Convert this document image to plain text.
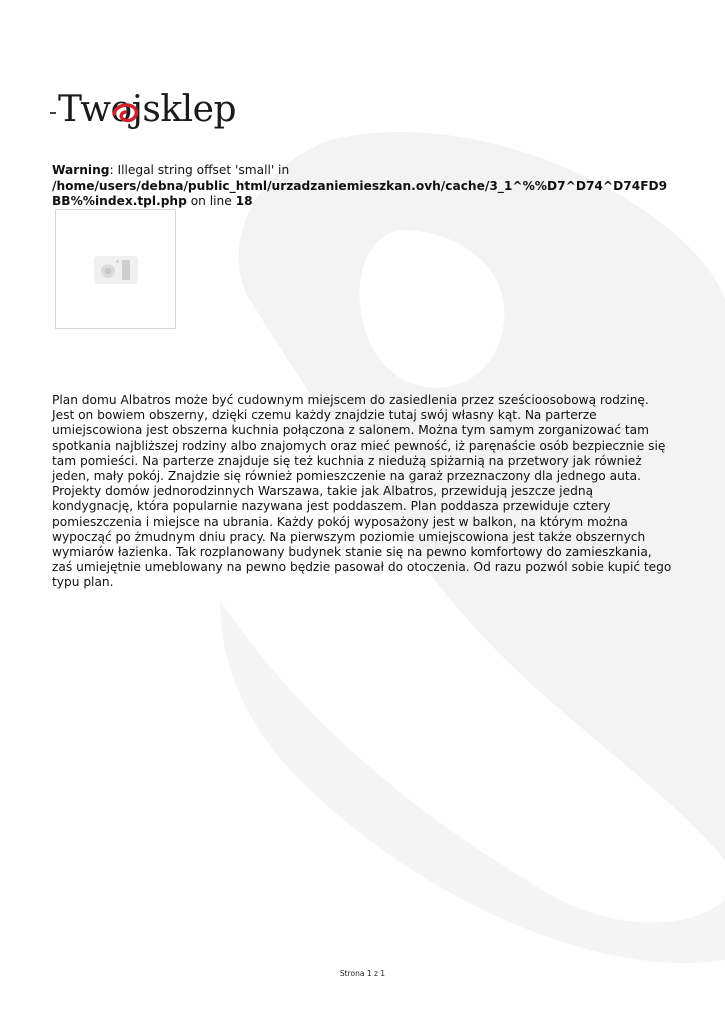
Twojsklep
Warning: Illegal string offset 'small' in
/home/users/debna/public_html/urzadzaniemieszkan.ovh/cache/3_1^%%D7^D74^D74FD9
BB%%index.tpl.php on line 18
Plan domu Albatros może być cudownym miejscem do zasiedlenia przez sześcioosobową rodzinę.
Jest on bowiem obszerny, dzięki czemu każdy znajdzie tutaj swój własny kąt. Na parterze
umiejscowiona jest obszerna kuchnia połączona z salonem. Można tym samym zorganizować tam
spotkania najbliższej rodziny albo znajomych oraz mieć pewność, iż paręnaście osób bezpiecznie się
tam pomieści. Na parterze znajduje się też kuchnia z niedużą spiżarnią na przetwory jak również
jeden, mały pokój. Znajdzie się również pomieszczenie na garaż przeznaczony dla jednego auta.
Projekty domów jednorodzinnych Warszawa, takie jak Albatros, przewidują jeszcze jedną
kondygnację, która popularnie nazywana jest poddaszem. Plan poddasza przewiduje cztery
pomieszczenia i miejsce na ubrania. Każdy pokój wyposażony jest w balkon, na którym można
wypocząć po żmudnym dniu pracy. Na pierwszym poziomie umiejscowiona jest także obszernych
wymiarów łazienka. Tak rozplanowany budynek stanie się na pewno komfortowy do zamieszkania,
zaś umiejętnie umeblowany na pewno będzie pasował do otoczenia. Od razu pozwól sobie kupić tego
typu plan.
Strona 1 z 1
